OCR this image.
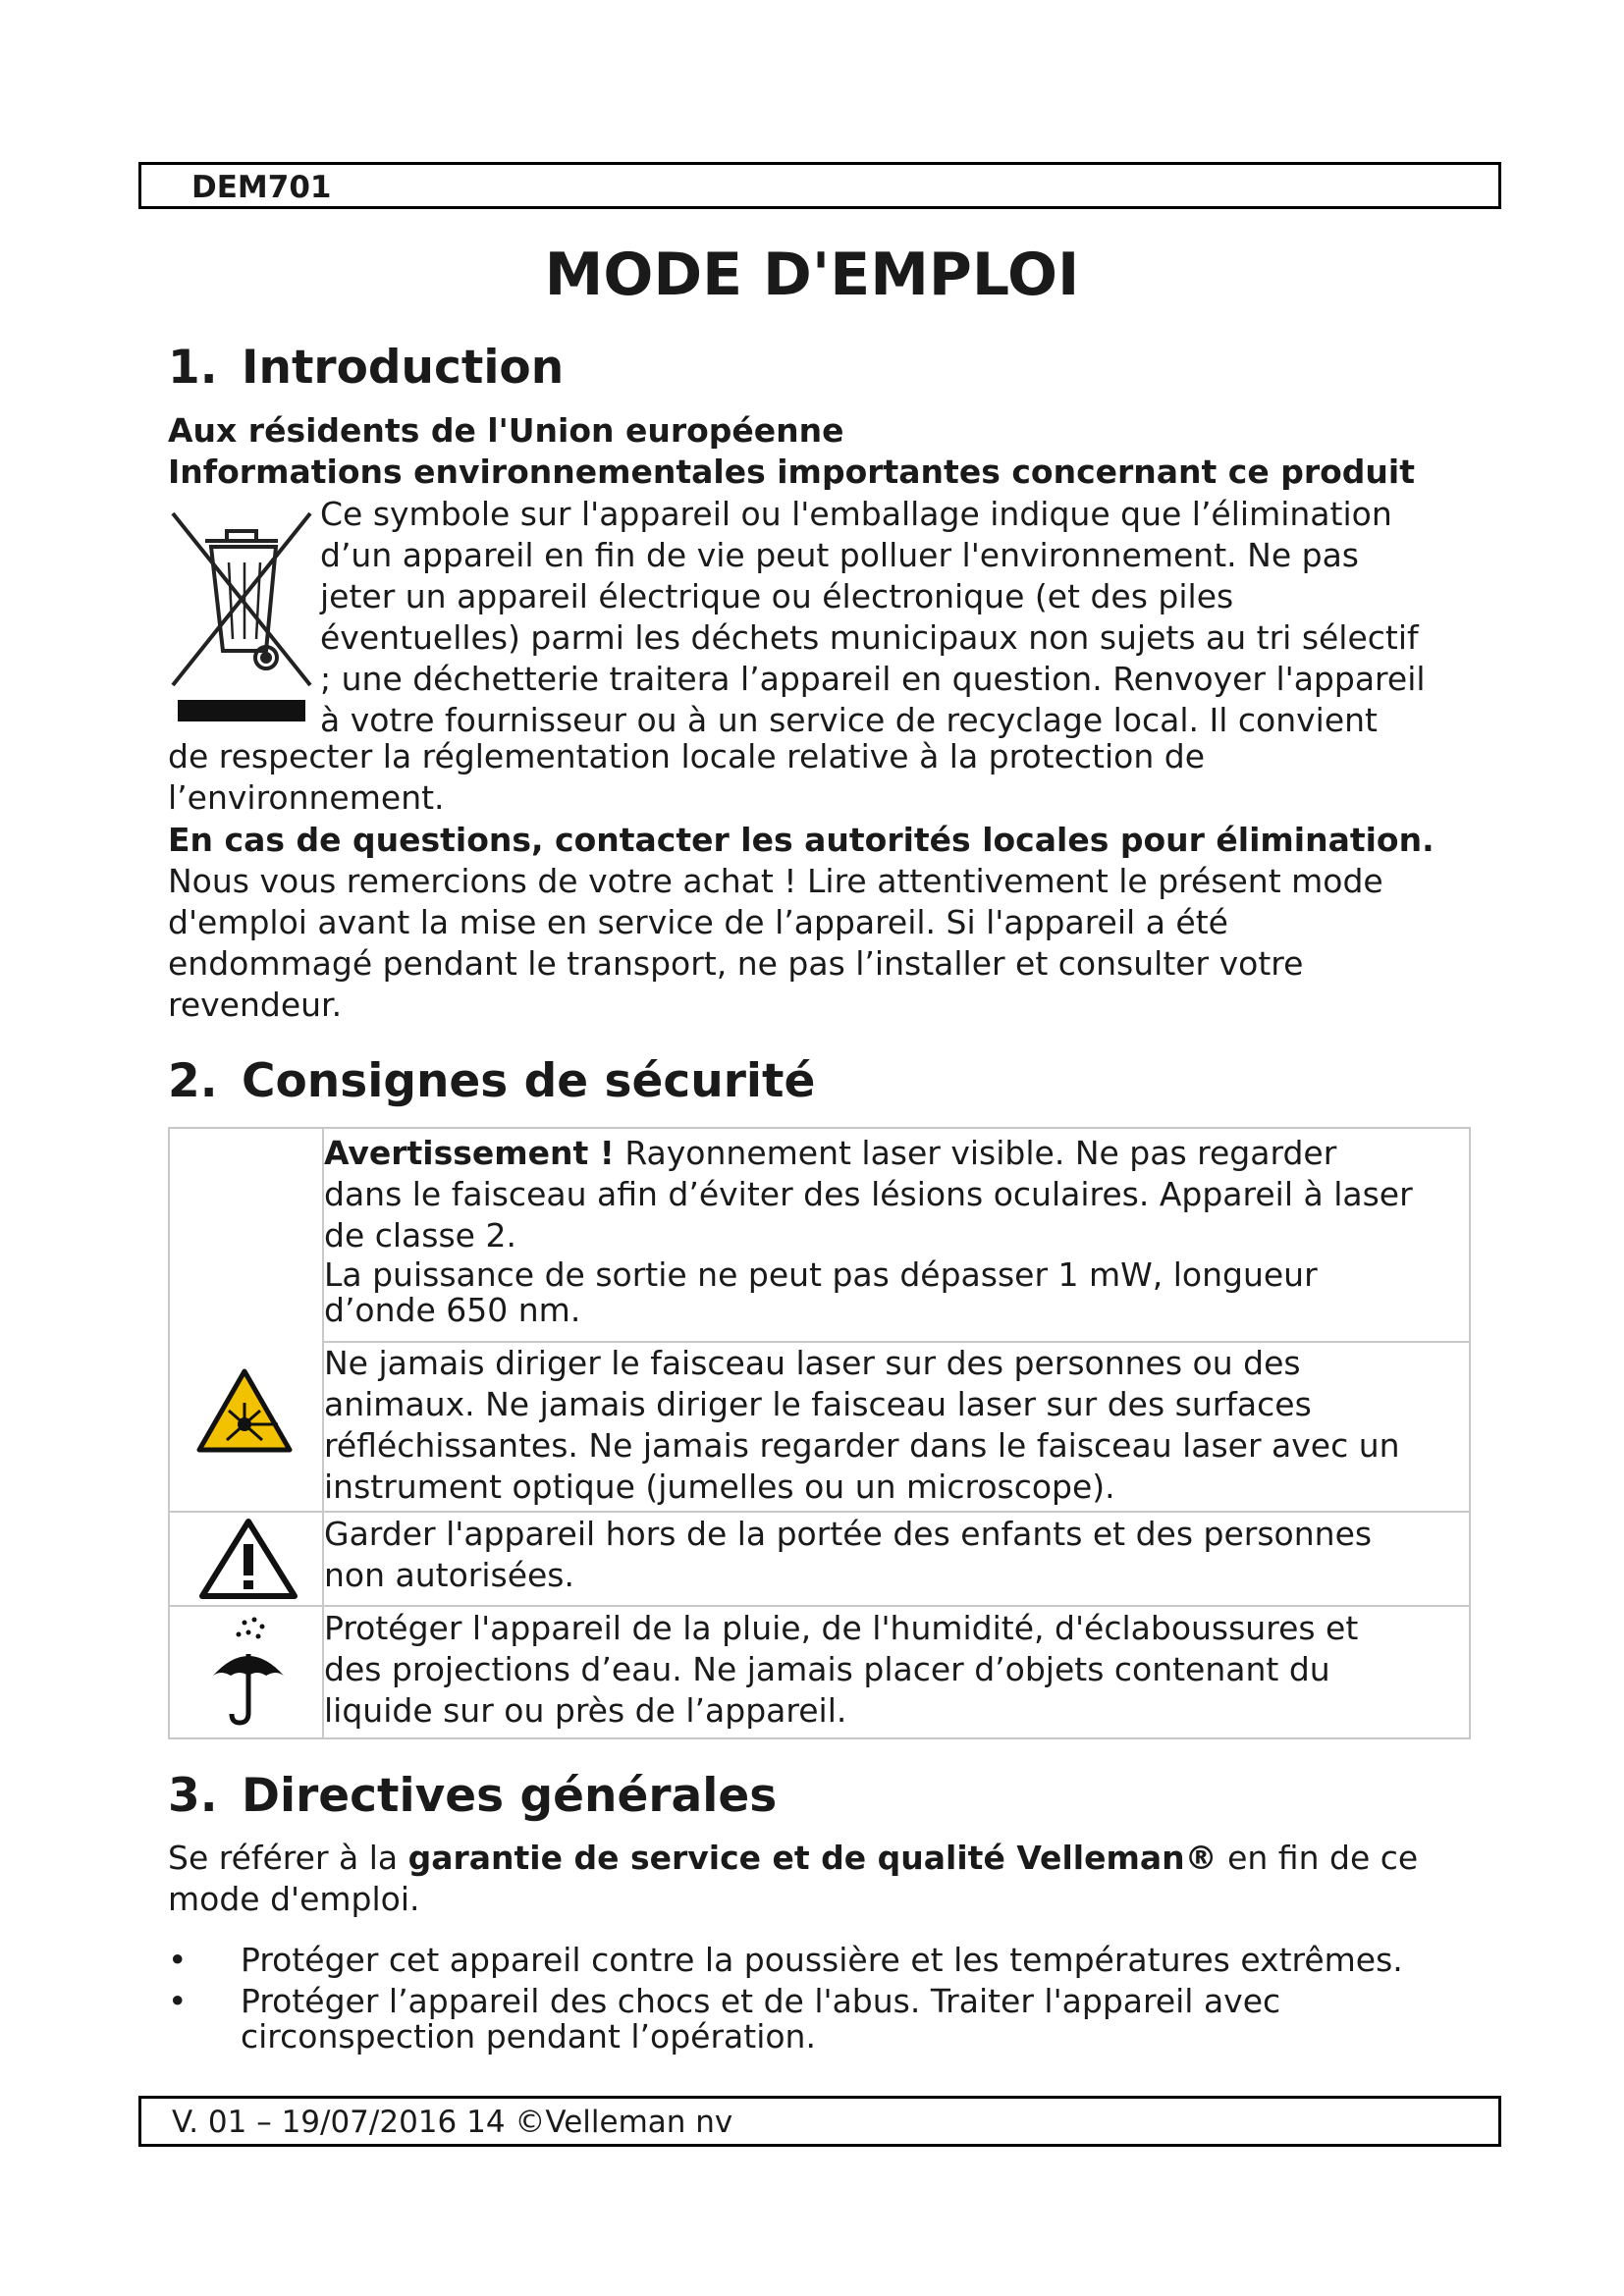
DEM701
MODE D'EMPLOI
1. Introduction

Aux résidents de l'Union européenne

Informations environnementales importantes concernant ce produit

Ce symbole sur l'appareil ou l'emballage indique que l’élimination

d’un appareil en fin de vie peut polluer l'environnement. Ne pas

jeter un appareil électrique ou électronique (et des piles

éventuelles) parmi les déchets municipaux non sujets au tri sélectif

; une déchetterie traitera l’appareil en question. Renvoyer l'appareil

à votre fournisseur ou à un service de recyclage local. Il convient

de respecter la réglementation locale relative à la protection de

l’environnement.

En cas de questions, contacter les autorités locales pour élimination.

Nous vous remercions de votre achat ! Lire attentivement le présent mode

d'emploi avant la mise en service de l’appareil. Si l'appareil a été

endommagé pendant le transport, ne pas l’installer et consulter votre

revendeur.

2. Consignes de sécurité

Avertissement ! Rayonnement laser visible. Ne pas regarder

dans le faisceau afin d’éviter des lésions oculaires. Appareil à laser

de classe 2.

La puissance de sortie ne peut pas dépasser 1 mW, longueur

d’onde 650 nm.

Ne jamais diriger le faisceau laser sur des personnes ou des

animaux. Ne jamais diriger le faisceau laser sur des surfaces

réfléchissantes. Ne jamais regarder dans le faisceau laser avec un

instrument optique (jumelles ou un microscope).

Garder l'appareil hors de la portée des enfants et des personnes

non autorisées.

Protéger l'appareil de la pluie, de l'humidité, d'éclaboussures et

des projections d’eau. Ne jamais placer d’objets contenant du

liquide sur ou près de l’appareil.

3. Directives générales

Se référer à la garantie de service et de qualité Velleman® en fin de ce

mode d'emploi.

• Protéger cet appareil contre la poussière et les températures extrêmes.

• Protéger l’appareil des chocs et de l'abus. Traiter l'appareil avec

circonspection pendant l’opération.

V. 01 – 19/07/2016 14 ©Velleman nv
